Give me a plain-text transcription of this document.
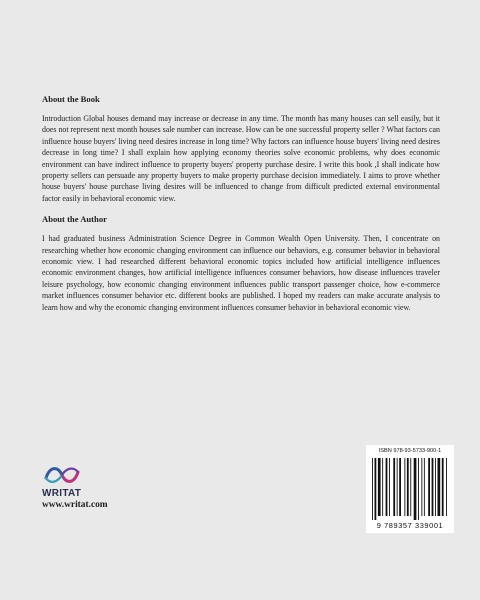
About the Book
Introduction Global houses demand may increase or decrease in any time. The month has many houses can sell easily, but it does not represent next month houses sale number can increase. How can be one successful property seller ? What factors can influence house buyers' living need desires increase in long time? Why factors can influence house buyers' living need desires decrease in long time? I shall explain how applying economy theories solve economic problems, why does economic environment can have indirect influence to property buyers' property purchase desire. I write this book ,I shall indicate how property sellers can persuade any property buyers to make property purchase decision immediately. I aims to prove whether house buyers' house purchase living desires will be influenced to change from difficult predicted external environmental factor easily in behavioral economic view.
About the Author
I had graduated business Administration Science Degree in Common Wealth Open University. Then, I concentrate on researching whether how economic changing environment can influence our behaviors, e.g. consumer behavior in behavioral economic view. I had researched different behavioral economic topics included how artificial intelligence influences economic environment changes, how artificial intelligence influences consumer behaviors, how disease influences traveler leisure psychology, how economic changing environment influences public transport passenger choice, how e-commerce market influences consumer behavior etc. different books are published. I hoped my readers can make accurate analysis to learn how and why the economic changing environment influences consumer behavior in behavioral economic view.
WRITAT
www.writat.com
ISBN 978-93-5733-900-1
9 789357 339001
